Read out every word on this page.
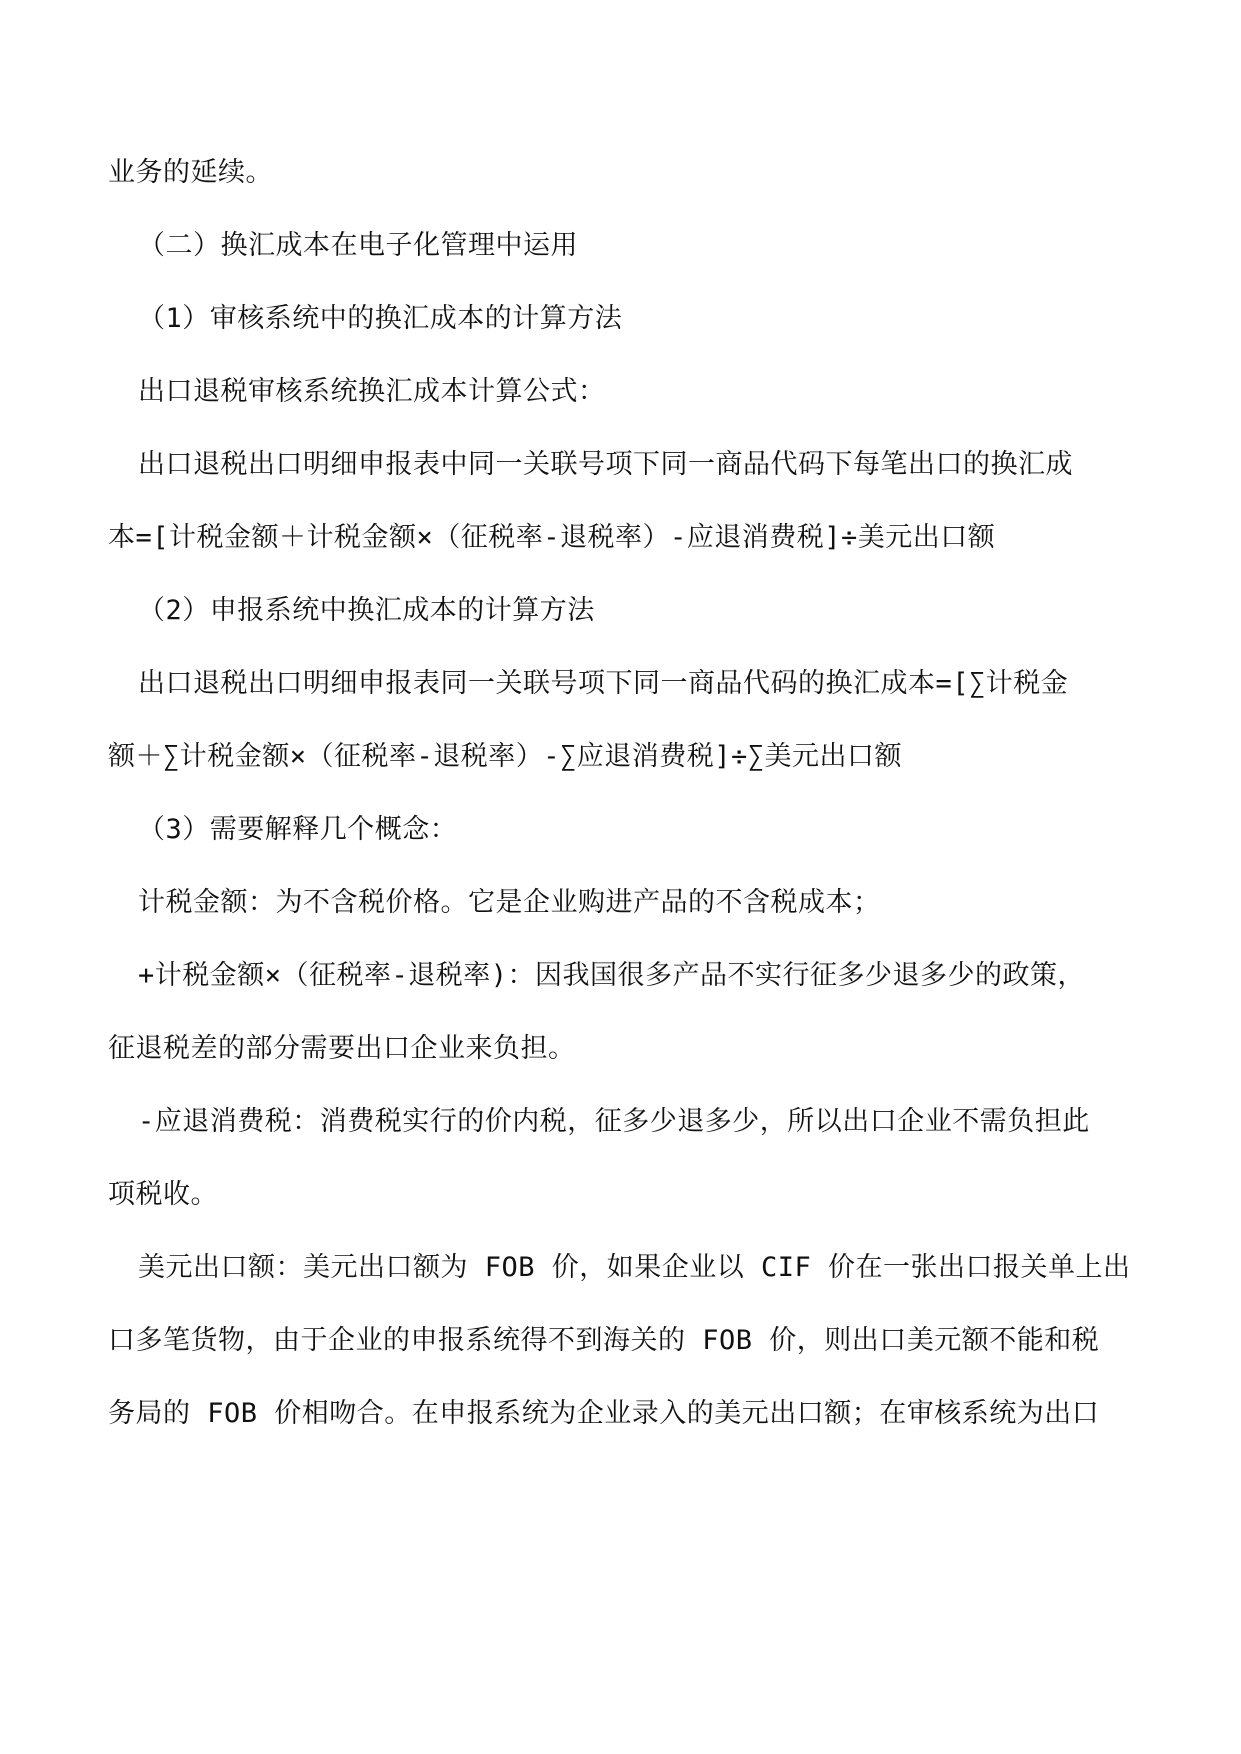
业务的延续。
（二）换汇成本在电子化管理中运用
（1）审核系统中的换汇成本的计算方法
出口退税审核系统换汇成本计算公式：
出口退税出口明细申报表中同一关联号项下同一商品代码下每笔出口的换汇成
本=[计税金额＋计税金额×（征税率-退税率）-应退消费税]÷美元出口额
（2）申报系统中换汇成本的计算方法
出口退税出口明细申报表同一关联号项下同一商品代码的换汇成本=[∑计税金
额＋∑计税金额×（征税率-退税率）-∑应退消费税]÷∑美元出口额
（3）需要解释几个概念：
计税金额：为不含税价格。它是企业购进产品的不含税成本；
+计税金额×（征税率-退税率)：因我国很多产品不实行征多少退多少的政策，
征退税差的部分需要出口企业来负担。
-应退消费税：消费税实行的价内税，征多少退多少，所以出口企业不需负担此
项税收。
美元出口额：美元出口额为 FOB 价，如果企业以 CIF 价在一张出口报关单上出
口多笔货物，由于企业的申报系统得不到海关的 FOB 价，则出口美元额不能和税
务局的 FOB 价相吻合。在申报系统为企业录入的美元出口额；在审核系统为出口
